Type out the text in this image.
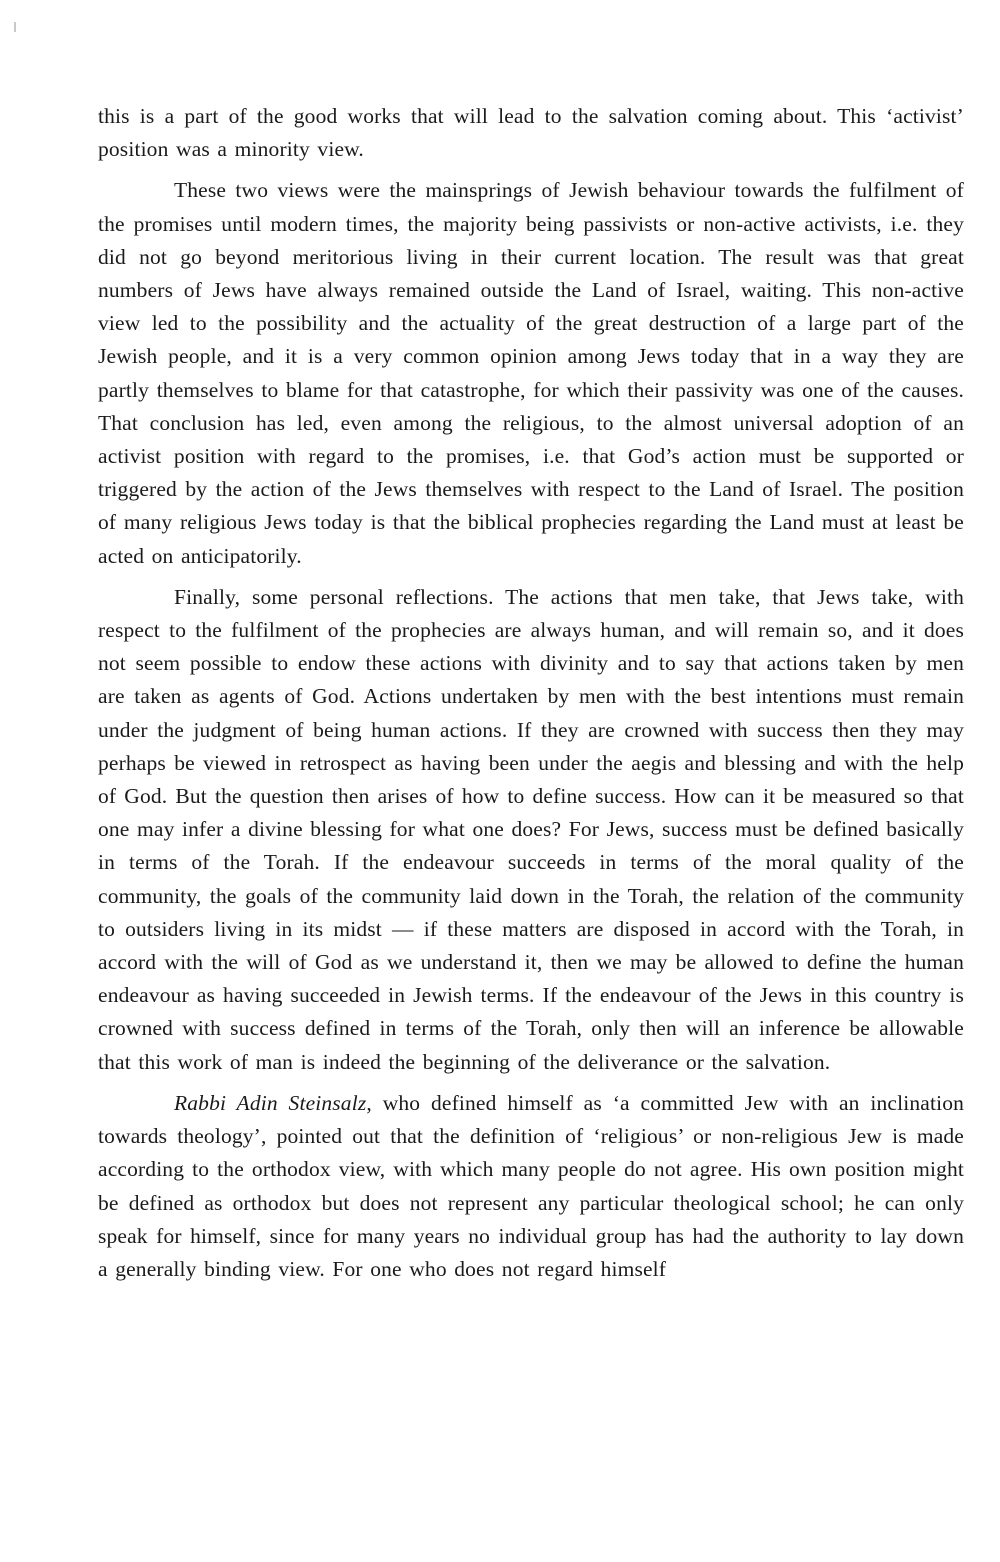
this is a part of the good works that will lead to the salvation coming about. This ‘activist’ position was a minority view.

These two views were the mainsprings of Jewish behaviour towards the fulfilment of the promises until modern times, the majority being passivists or non-active activists, i.e. they did not go beyond meritorious living in their current location. The result was that great numbers of Jews have always remained outside the Land of Israel, waiting. This non-active view led to the possibility and the actuality of the great destruction of a large part of the Jewish people, and it is a very common opinion among Jews today that in a way they are partly themselves to blame for that catastrophe, for which their passivity was one of the causes. That conclusion has led, even among the religious, to the almost universal adoption of an activist position with regard to the promises, i.e. that God’s action must be supported or triggered by the action of the Jews themselves with respect to the Land of Israel. The position of many religious Jews today is that the biblical prophecies regarding the Land must at least be acted on anticipatorily.

Finally, some personal reflections. The actions that men take, that Jews take, with respect to the fulfilment of the prophecies are always human, and will remain so, and it does not seem possible to endow these actions with divinity and to say that actions taken by men are taken as agents of God. Actions undertaken by men with the best intentions must remain under the judgment of being human actions. If they are crowned with success then they may perhaps be viewed in retrospect as having been under the aegis and blessing and with the help of God. But the question then arises of how to define success. How can it be measured so that one may infer a divine blessing for what one does? For Jews, success must be defined basically in terms of the Torah. If the endeavour succeeds in terms of the moral quality of the community, the goals of the community laid down in the Torah, the relation of the community to outsiders living in its midst — if these matters are disposed in accord with the Torah, in accord with the will of God as we understand it, then we may be allowed to define the human endeavour as having succeeded in Jewish terms. If the endeavour of the Jews in this country is crowned with success defined in terms of the Torah, only then will an inference be allowable that this work of man is indeed the beginning of the deliverance or the salvation.

Rabbi Adin Steinsalz, who defined himself as ‘a committed Jew with an inclination towards theology’, pointed out that the definition of ‘religious’ or non-religious Jew is made according to the orthodox view, with which many people do not agree. His own position might be defined as orthodox but does not represent any particular theological school; he can only speak for himself, since for many years no individual group has had the authority to lay down a generally binding view. For one who does not regard himself
